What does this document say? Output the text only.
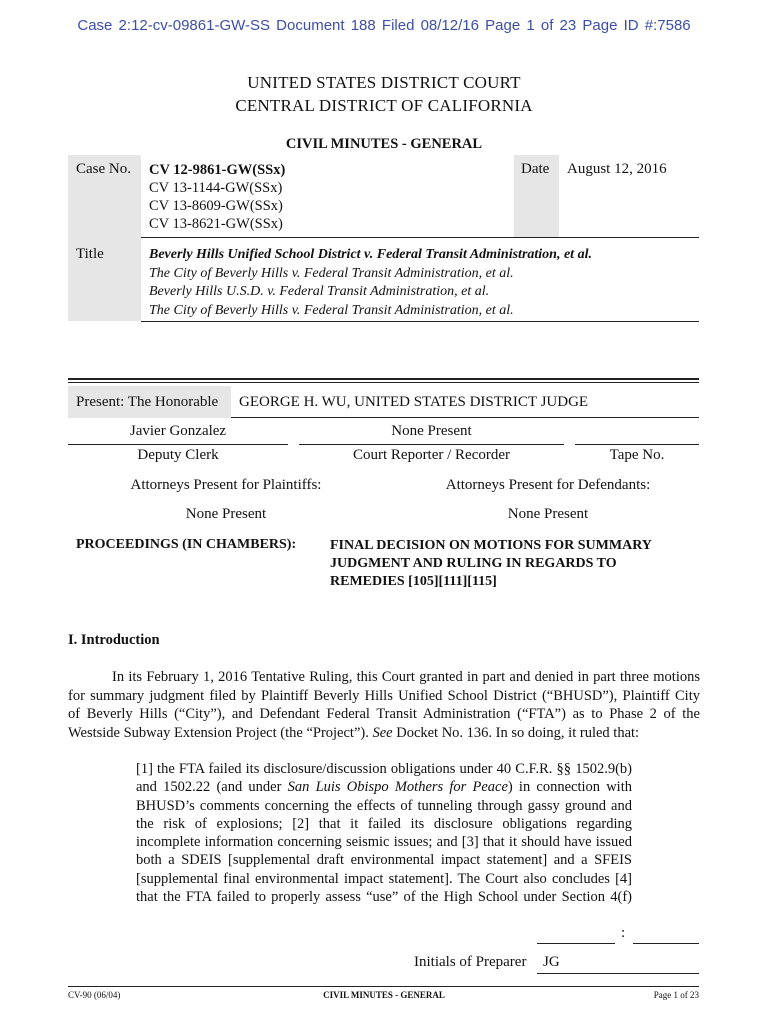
Case 2:12-cv-09861-GW-SS Document 188 Filed 08/12/16 Page 1 of 23 Page ID #:7586
UNITED STATES DISTRICT COURT
CENTRAL DISTRICT OF CALIFORNIA
CIVIL MINUTES - GENERAL
Case No. CV 12-9861-GW(SSx)
CV 13-1144-GW(SSx)
CV 13-8609-GW(SSx)
CV 13-8621-GW(SSx)
Date August 12, 2016
Title	Beverly Hills Unified School District v. Federal Transit Administration, et al.
The City of Beverly Hills v. Federal Transit Administration, et al.
Beverly Hills U.S.D. v. Federal Transit Administration, et al.
The City of Beverly Hills v. Federal Transit Administration, et al.
Present: The Honorable GEORGE H. WU, UNITED STATES DISTRICT JUDGE
Javier Gonzalez	None Present
Deputy Clerk	Court Reporter / Recorder	Tape No.
Attorneys Present for Plaintiffs:	Attorneys Present for Defendants:
None Present	None Present
PROCEEDINGS (IN CHAMBERS): FINAL DECISION ON MOTIONS FOR SUMMARY
JUDGMENT AND RULING IN REGARDS TO
REMEDIES [105][111][115]
I. Introduction
In its February 1, 2016 Tentative Ruling, this Court granted in part and denied in part three motions
for summary judgment filed by Plaintiff Beverly Hills Unified School District (“BHUSD”), Plaintiff City
of Beverly Hills (“City”), and Defendant Federal Transit Administration (“FTA”) as to Phase 2 of the
Westside Subway Extension Project (the “Project”). See Docket No. 136. In so doing, it ruled that:
[1] the FTA failed its disclosure/discussion obligations under 40 C.F.R. §§ 1502.9(b)
and 1502.22 (and under San Luis Obispo Mothers for Peace) in connection with
BHUSD’s comments concerning the effects of tunneling through gassy ground and
the risk of explosions; [2] that it failed its disclosure obligations regarding
incomplete information concerning seismic issues; and [3] that it should have issued
both a SDEIS [supplemental draft environmental impact statement] and a SFEIS
[supplemental final environmental impact statement]. The Court also concludes [4]
that the FTA failed to properly assess “use” of the High School under Section 4(f)
:
Initials of Preparer JG
CV-90 (06/04)	CIVIL MINUTES - GENERAL	Page 1 of 23
